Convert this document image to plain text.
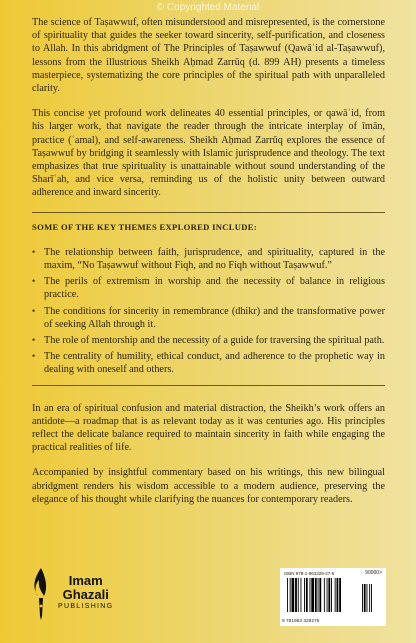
© Copyrighted Material

The science of Taṣawwuf, often misunderstood and misrepresented, is the cornerstone of spirituality that guides the seeker toward sincerity, self-purification, and closeness to Allah. In this abridgment of The Principles of Taṣawwuf (Qawāʿid al-Taṣawwuf), lessons from the illustrious Sheikh Aḥmad Zarrūq (d. 899 AH) presents a timeless masterpiece, systematizing the core principles of the spiritual path with unparalleled clarity.

This concise yet profound work delineates 40 essential principles, or qawāʿid, from his larger work, that navigate the reader through the intricate interplay of īmān, practice (ʿamal), and self-awareness. Sheikh Aḥmad Zarrūq explores the essence of Taṣawwuf by bridging it seamlessly with Islamic jurisprudence and theology. The text emphasizes that true spirituality is unattainable without sound understanding of the Sharīʿah, and vice versa, reminding us of the holistic unity between outward adherence and inward sincerity.

SOME OF THE KEY THEMES EXPLORED INCLUDE:
• The relationship between faith, jurisprudence, and spirituality, captured in the maxim, “No Taṣawwuf without Fiqh, and no Fiqh without Taṣawwuf.”
• The perils of extremism in worship and the necessity of balance in religious practice.
• The conditions for sincerity in remembrance (dhikr) and the transformative power of seeking Allah through it.
• The role of mentorship and the necessity of a guide for traversing the spiritual path.
• The centrality of humility, ethical conduct, and adherence to the prophetic way in dealing with oneself and others.

In an era of spiritual confusion and material distraction, the Sheikh’s work offers an antidote—a roadmap that is as relevant today as it was centuries ago. His principles reflect the delicate balance required to maintain sincerity in faith while engaging the practical realities of life.

Accompanied by insightful commentary based on his writings, this new bilingual abridgment renders his wisdom accessible to a modern audience, preserving the elegance of his thought while clarifying the nuances for contemporary readers.

Imam
Ghazali
PUBLISHING
ISBN 978-1-963329-27-5	90000>
9 781963 329275
